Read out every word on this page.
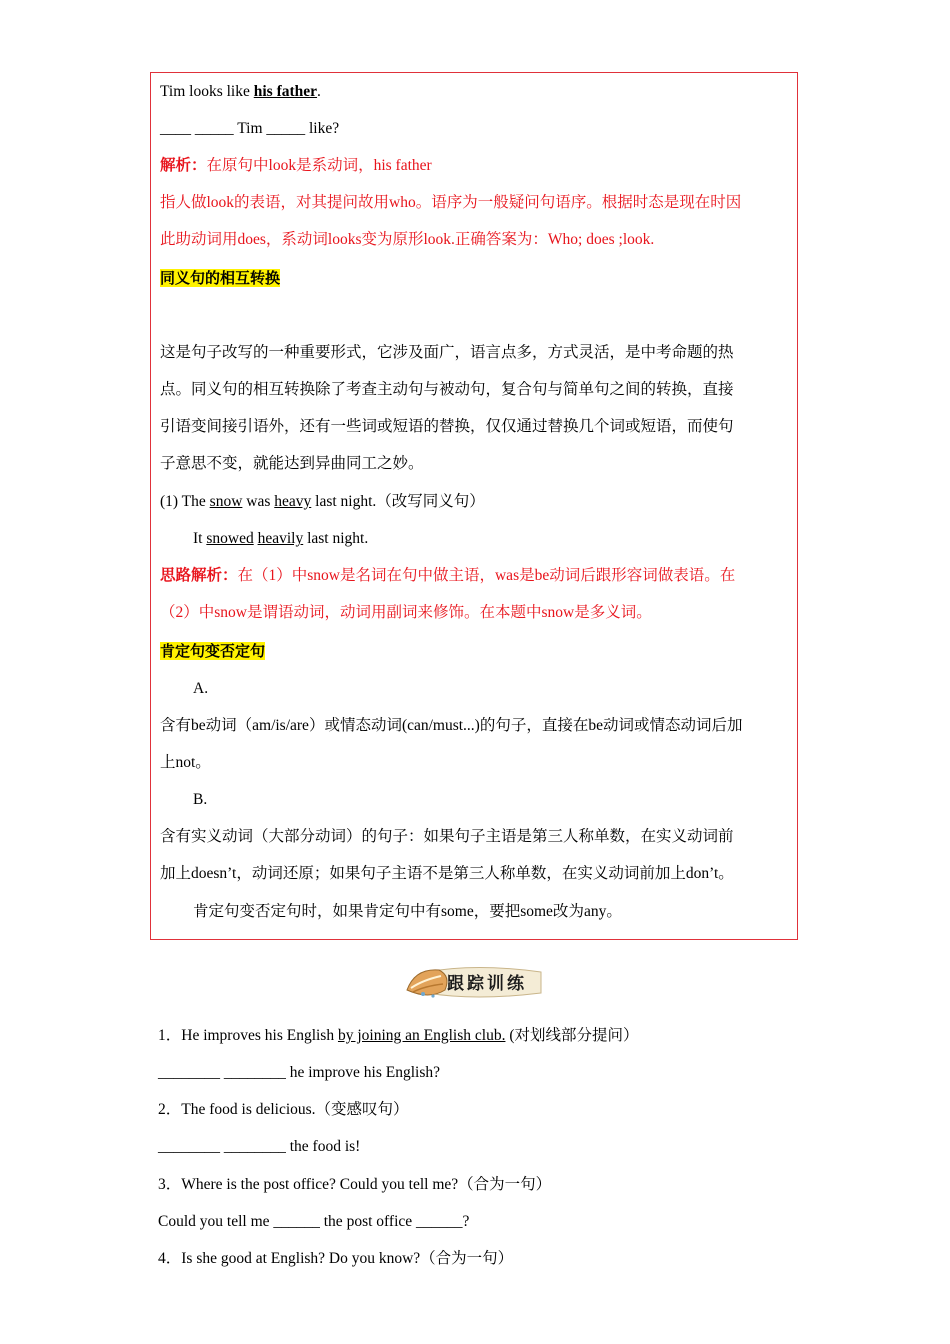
Tim looks like his father.
____ _____ Tim _____ like?
解析：在原句中look是系动词，his father
指人做look的表语，对其提问故用who。语序为一般疑问句语序。根据时态是现在时因
此助动词用does，系动词looks变为原形look.正确答案为：Who; does ;look.
同义句的相互转换
这是句子改写的一种重要形式，它涉及面广，语言点多，方式灵活，是中考命题的热
点。同义句的相互转换除了考查主动句与被动句，复合句与简单句之间的转换，直接
引语变间接引语外，还有一些词或短语的替换，仅仅通过替换几个词或短语，而使句
子意思不变，就能达到异曲同工之妙。
(1) The snow was heavy last night.（改写同义句）
It snowed heavily last night.
思路解析：在（1）中snow是名词在句中做主语，was是be动词后跟形容词做表语。在
（2）中snow是谓语动词，动词用副词来修饰。在本题中snow是多义词。
肯定句变否定句
A.
含有be动词（am/is/are）或情态动词(can/must...)的句子，直接在be动词或情态动词后加
上not。
B.
含有实义动词（大部分动词）的句子：如果句子主语是第三人称单数，在实义动词前
加上doesn’t，动词还原；如果句子主语不是第三人称单数，在实义动词前加上don’t。
肯定句变否定句时，如果肯定句中有some，要把some改为any。
跟踪训练
1．He improves his English by joining an English club. (对划线部分提问）
________ ________ he improve his English?
2．The food is delicious.（变感叹句）
________ ________ the food is!
3．Where is the post office? Could you tell me?（合为一句）
Could you tell me ______ the post office ______?
4．Is she good at English? Do you know?（合为一句）
